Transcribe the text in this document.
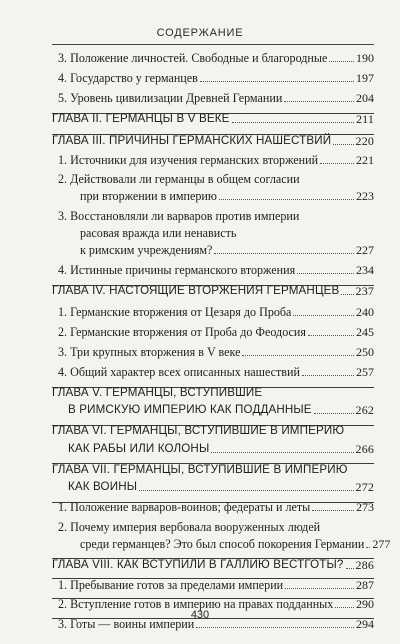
СОДЕРЖАНИЕ
3. Положение личностей. Свободные и благородные 190
4. Государство у германцев	197
5. Уровень цивилизации Древней Германии	204
ГЛАВА II. ГЕРМАНЦЫ В V ВЕКЕ	211
ГЛАВА III. ПРИЧИНЫ ГЕРМАНСКИХ НАШЕСТВИЙ 220
1. Источники для изучения германских вторжений	221
2. Действовали ли германцы в общем согласии
при вторжении в империю	223
3. Восстановляли ли варваров против империи
расовая вражда или ненависть
к римским учреждениям?	227
4. Истинные причины германского вторжения	234
ГЛАВА IV. НАСТОЯЩИЕ ВТОРЖЕНИЯ ГЕРМАНЦЕВ 237
1. Германские вторжения от Цезаря до Проба	240
2. Германские вторжения от Проба до Феодосия	245
3. Три крупных вторжения в V веке	250
4. Общий характер всех описанных нашествий	257
ГЛАВА V. ГЕРМАНЦЫ, ВСТУПИВШИЕ
В РИМСКУЮ ИМПЕРИЮ КАК ПОДДАННЫЕ	262
ГЛАВА VI. ГЕРМАНЦЫ, ВСТУПИВШИЕ В ИМПЕРИЮ
КАК РАБЫ ИЛИ КОЛОНЫ	266
ГЛАВА VII. ГЕРМАНЦЫ, ВСТУПИВШИЕ В ИМПЕРИЮ
КАК ВОИНЫ	272
1. Положение варваров-воинов; федераты и леты	273
2. Почему империя вербовала вооруженных людей
среди германцев? Это был способ покорения Германии 277
ГЛАВА VIII. КАК ВСТУПИЛИ В ГАЛЛИЮ ВЕСТГОТЫ? 286
1. Пребывание готов за пределами империи	287
2. Вступление готов в империю на правах подданных 290
3. Готы — воины империи	294
430
